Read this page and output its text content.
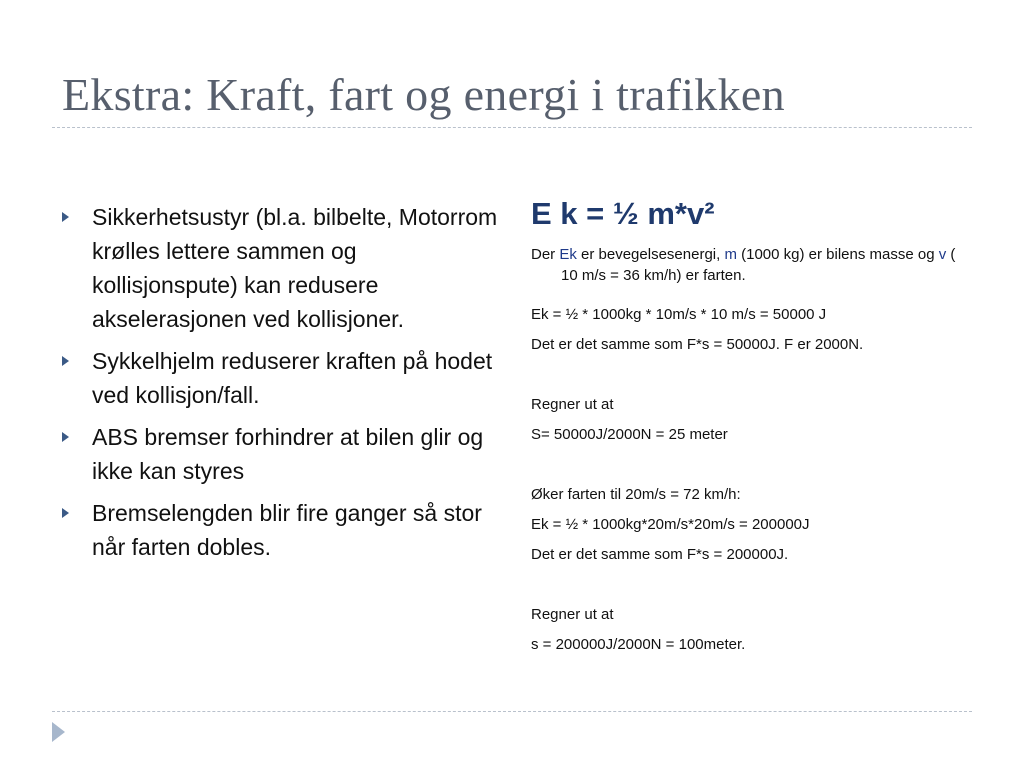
Ekstra: Kraft, fart og energi i trafikken
Sikkerhetsustyr (bl.a. bilbelte, Motorrom krølles lettere sammen og kollisjonspute) kan redusere akselerasjonen ved kollisjoner.
Sykkelhjelm reduserer kraften på hodet ved kollisjon/fall.
ABS bremser forhindrer at bilen glir og ikke kan styres
Bremselengden blir fire ganger så stor når farten dobles.
E k = ½ m*v²
Der Ek er bevegelsesenergi, m (1000 kg) er bilens masse og v ( 10 m/s = 36 km/h) er farten.

Ek = ½ * 1000kg * 10m/s * 10 m/s = 50000 J

Det er det samme som F*s = 50000J. F er 2000N.

Regner ut at

S= 50000J/2000N = 25 meter

Øker farten til 20m/s = 72 km/h:

Ek = ½ * 1000kg*20m/s*20m/s = 200000J

Det er det samme som F*s = 200000J.

Regner ut at

s = 200000J/2000N = 100meter.
